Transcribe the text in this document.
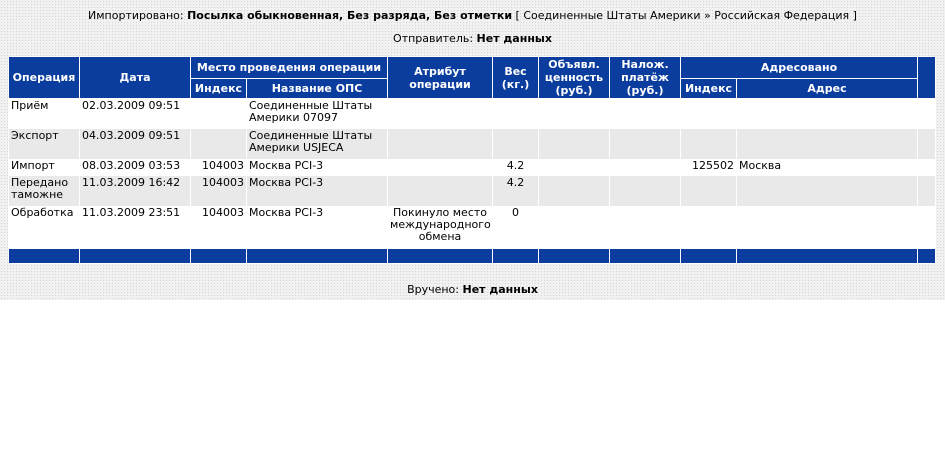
Импортировано: Посылка обыкновенная, Без разряда, Без отметки [ Соединенные Штаты Америки » Российская Федерация ]
Отправитель: Нет данных
Операция	Дата	Место проведения операции		Атрибут операции	Вес (кг.)	Объявл. ценность (руб.)	Налож. платёж (руб.)	Адресовано		
		Индекс	Название ОПС					Индекс	Адрес	
Приём	02.03.2009 09:51		Соединенные Штаты Америки 07097							
Экспорт	04.03.2009 09:51		Соединенные Штаты Америки USJECA							
Импорт	08.03.2009 03:53	104003	Москва PCI-3		4.2			125502	Москва	
Передано таможне	11.03.2009 16:42	104003	Москва PCI-3		4.2					
Обработка	11.03.2009 23:51	104003	Москва PCI-3	Покинуло место международного обмена	0					

Вручено: Нет данных
